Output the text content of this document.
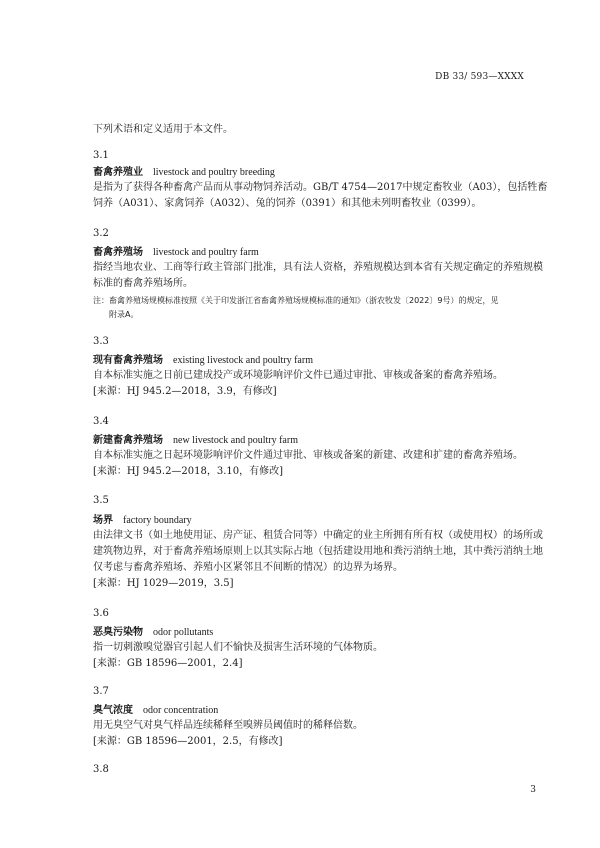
DB 33/ 593—XXXX
下列术语和定义适用于本文件。
3.1
畜禽养殖业 livestock and poultry breeding
是指为了获得各种畜禽产品而从事动物饲养活动。GB/T 4754—2017中规定畜牧业（A03），包括牲畜饲养（A031）、家禽饲养（A032）、兔的饲养（0391）和其他未列明畜牧业（0399）。
3.2
畜禽养殖场 livestock and poultry farm
指经当地农业、工商等行政主管部门批准，具有法人资格，养殖规模达到本省有关规定确定的养殖规模标准的畜禽养殖场所。
注：畜禽养殖场规模标准按照《关于印发浙江省畜禽养殖场规模标准的通知》（浙农牧发〔2022〕9号）的规定，见
附录A。
3.3
现有畜禽养殖场 existing livestock and poultry farm
自本标准实施之日前已建成投产或环境影响评价文件已通过审批、审核或备案的畜禽养殖场。
[来源：HJ 945.2—2018，3.9，有修改]
3.4
新建畜禽养殖场 new livestock and poultry farm
自本标准实施之日起环境影响评价文件通过审批、审核或备案的新建、改建和扩建的畜禽养殖场。
[来源：HJ 945.2—2018，3.10，有修改]
3.5
场界 factory boundary
由法律文书（如土地使用证、房产证、租赁合同等）中确定的业主所拥有所有权（或使用权）的场所或建筑物边界，对于畜禽养殖场原则上以其实际占地（包括建设用地和粪污消纳土地，其中粪污消纳土地仅考虑与畜禽养殖场、养殖小区紧邻且不间断的情况）的边界为场界。
[来源：HJ 1029—2019，3.5]
3.6
恶臭污染物 odor pollutants
指一切刺激嗅觉器官引起人们不愉快及损害生活环境的气体物质。
[来源：GB 18596—2001，2.4]
3.7
臭气浓度 odor concentration
用无臭空气对臭气样品连续稀释至嗅辨员阈值时的稀释倍数。
[来源：GB 18596—2001，2.5，有修改]
3.8
3
